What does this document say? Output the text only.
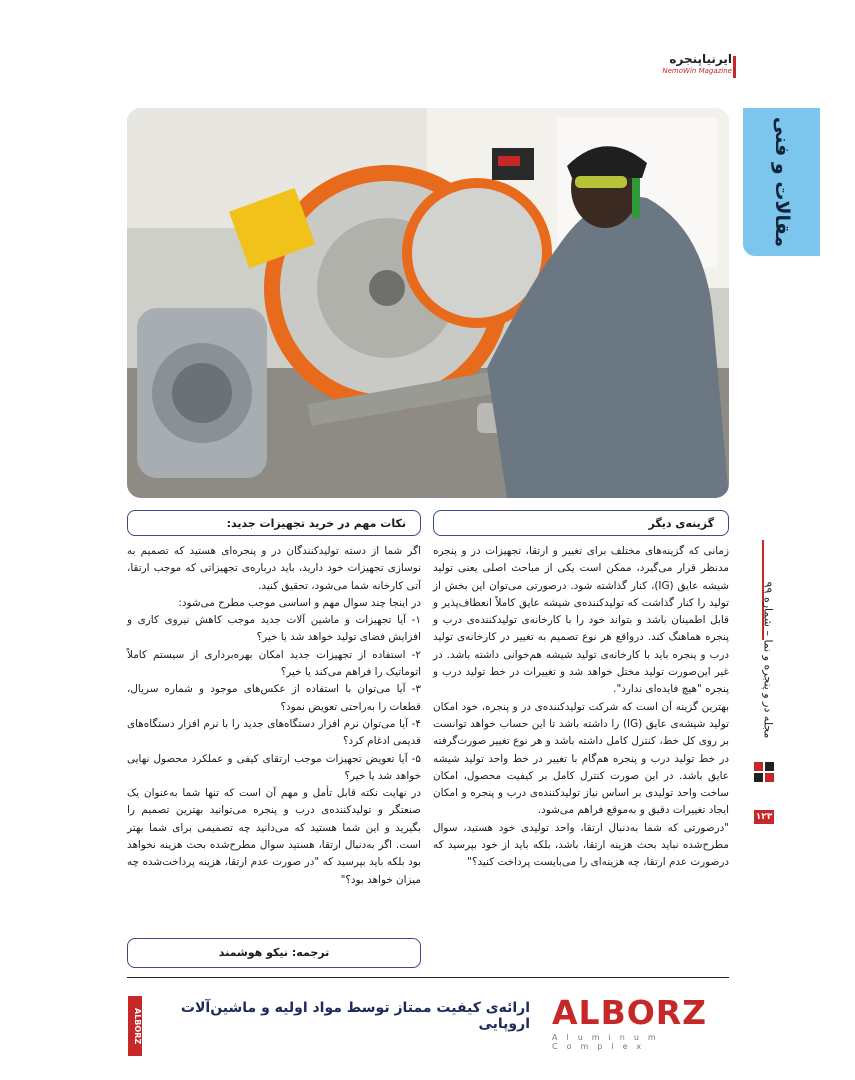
ایرنیاپنجره
NemoWin Magazine
مقالات و فنی
مجله در و پنجره و نما – شماره ۹۹
۱۲۳
گزینه‌ی دیگر
نکات مهم در خرید تجهیزات جدید:

زمانی که گزینه‌های مختلف برای تغییر و ارتقا، تجهیزات در و پنجره مدنظر قرار می‌گیرد، ممکن است یکی از مباحث اصلی یعنی تولید شیشه عایق (IG)، کنار گذاشته شود. درصورتی می‌توان این بخش از تولید را کنار گذاشت که تولیدکننده‌ی شیشه عایق کاملاً انعطاف‌پذیر و قابل اطمینان باشد و بتواند خود را با کارخانه‌ی تولیدکننده‌ی درب و پنجره هماهنگ کند. درواقع هر نوع تصمیم به تغییر در کارخانه‌ی تولید درب و پنجره باید با کارخانه‌ی تولید شیشه هم‌خوانی داشته باشد. در غیر این‌صورت تولید مختل خواهد شد و تغییرات در خط تولید درب و پنجره "هیچ فایده‌ای ندارد".

بهترین گزینه آن است که شرکت تولیدکننده‌ی در و پنجره، خود امکان تولید شیشه‌ی عایق (IG) را داشته باشد تا این حساب خواهد توانست بر روی کل خط، کنترل کامل داشته باشد و هر نوع تغییر صورت‌گرفته در خط تولید درب و پنجره هم‌گام با تغییر در خط واحد تولید شیشه عایق باشد. در این صورت کنترل کامل بر کیفیت محصول، امکان ساخت واحد تولیدی بر اساس نیاز تولیدکننده‌ی درب و پنجره و امکان ایجاد تغییرات دقیق و به‌موقع فراهم می‌شود.

"درصورتی که شما به‌دنبال ارتقا، واحد تولیدی خود هستید، سوال مطرح‌شده نباید بحث هزینه ارتقا، باشد، بلکه باید از خود بپرسید که درصورت عدم ارتقا، چه هزینه‌ای را می‌بایست پرداخت کنید؟"

اگر شما از دسته تولیدکنندگان در و پنجره‌ای هستید که تصمیم به نوسازی تجهیزات خود دارید، باید درباره‌ی تجهیزاتی که موجب ارتقا، آتی کارخانه شما می‌شود، تحقیق کنید.

در اینجا چند سوال مهم و اساسی موجب مطرح می‌شود:

۱- آیا تجهیزات و ماشین آلات جدید موجب کاهش نیروی کاری و افزایش فضای تولید خواهد شد یا خیر؟

۲- استفاده از تجهیزات جدید امکان بهره‌برداری از سیستم کاملاً اتوماتیک را فراهم می‌کند یا خیر؟

۳- آیا می‌توان با استفاده از عکس‌های موجود و شماره سریال، قطعات را به‌راحتی تعویض نمود؟

۴- آیا می‌توان نرم افزار دستگاه‌های جدید را با نرم افزار دستگاه‌های قدیمی ادغام کرد؟

۵- آیا تعویض تجهیزات موجب ارتقای کیفی و عملکرد محصول نهایی خواهد شد یا خیر؟

در نهایت نکته قابل تأمل و مهم آن است که تنها شما به‌عنوان یک صنعتگر و تولیدکننده‌ی درب و پنجره می‌توانید بهترین تصمیم را بگیرید و این شما هستید که می‌دانید چه تصمیمی برای شما بهتر است. اگر به‌دنبال ارتقا، هستید سوال مطرح‌شده بحث هزینه نخواهد بود بلکه باید بپرسید که "در صورت عدم ارتقا، هزینه پرداخت‌شده چه میزان خواهد بود؟"

ترجمه: نیکو هوشمند
ALBORZ	ارائه‌ی کیفیت ممتاز توسط مواد اولیه و ماشین‌آلات اروپایی ALBORZ
Aluminum Complex
